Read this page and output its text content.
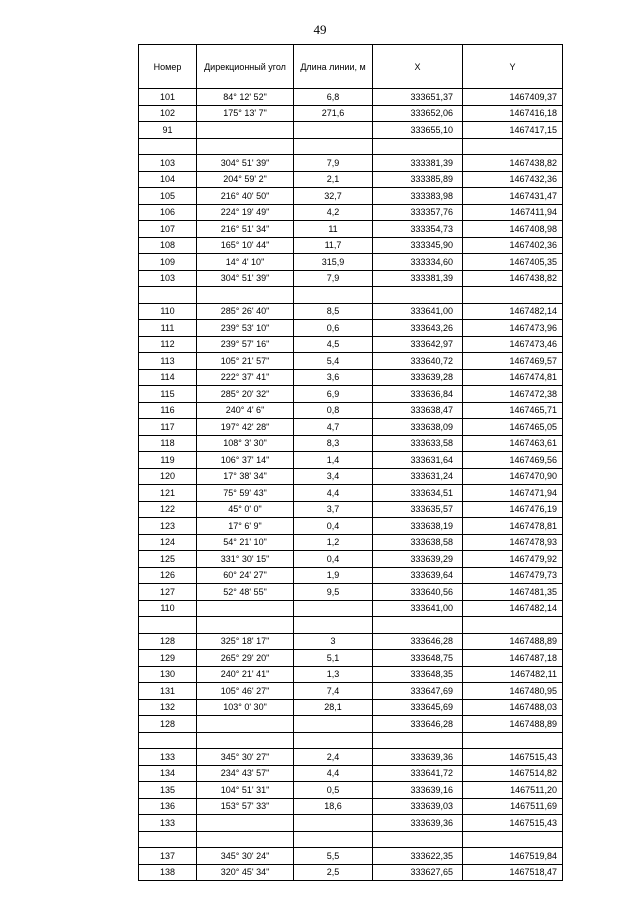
49
Номер	Дирекционный угол	Длина линии, м	X	Y
101	84° 12' 52"	6,8	333651,37	1467409,37
102	175° 13' 7"	271,6	333652,06	1467416,18
91			333655,10	1467417,15

103	304° 51' 39"	7,9	333381,39	1467438,82
104	204° 59' 2"	2,1	333385,89	1467432,36
105	216° 40' 50"	32,7	333383,98	1467431,47
106	224° 19' 49"	4,2	333357,76	1467411,94
107	216° 51' 34"	11	333354,73	1467408,98
108	165° 10' 44"	11,7	333345,90	1467402,36
109	14° 4' 10"	315,9	333334,60	1467405,35
103	304° 51' 39"	7,9	333381,39	1467438,82

110	285° 26' 40"	8,5	333641,00	1467482,14
111	239° 53' 10"	0,6	333643,26	1467473,96
112	239° 57' 16"	4,5	333642,97	1467473,46
113	105° 21' 57"	5,4	333640,72	1467469,57
114	222° 37' 41"	3,6	333639,28	1467474,81
115	285° 20' 32"	6,9	333636,84	1467472,38
116	240° 4' 6"	0,8	333638,47	1467465,71
117	197° 42' 28"	4,7	333638,09	1467465,05
118	108° 3' 30"	8,3	333633,58	1467463,61
119	106° 37' 14"	1,4	333631,64	1467469,56
120	17° 38' 34"	3,4	333631,24	1467470,90
121	75° 59' 43"	4,4	333634,51	1467471,94
122	45° 0' 0"	3,7	333635,57	1467476,19
123	17° 6' 9"	0,4	333638,19	1467478,81
124	54° 21' 10"	1,2	333638,58	1467478,93
125	331° 30' 15"	0,4	333639,29	1467479,92
126	60° 24' 27"	1,9	333639,64	1467479,73
127	52° 48' 55"	9,5	333640,56	1467481,35
110			333641,00	1467482,14

128	325° 18' 17"	3	333646,28	1467488,89
129	265° 29' 20"	5,1	333648,75	1467487,18
130	240° 21' 41"	1,3	333648,35	1467482,11
131	105° 46' 27"	7,4	333647,69	1467480,95
132	103° 0' 30"	28,1	333645,69	1467488,03
128			333646,28	1467488,89

133	345° 30' 27"	2,4	333639,36	1467515,43
134	234° 43' 57"	4,4	333641,72	1467514,82
135	104° 51' 31"	0,5	333639,16	1467511,20
136	153° 57' 33"	18,6	333639,03	1467511,69
133			333639,36	1467515,43

137	345° 30' 24"	5,5	333622,35	1467519,84
138	320° 45' 34"	2,5	333627,65	1467518,47
